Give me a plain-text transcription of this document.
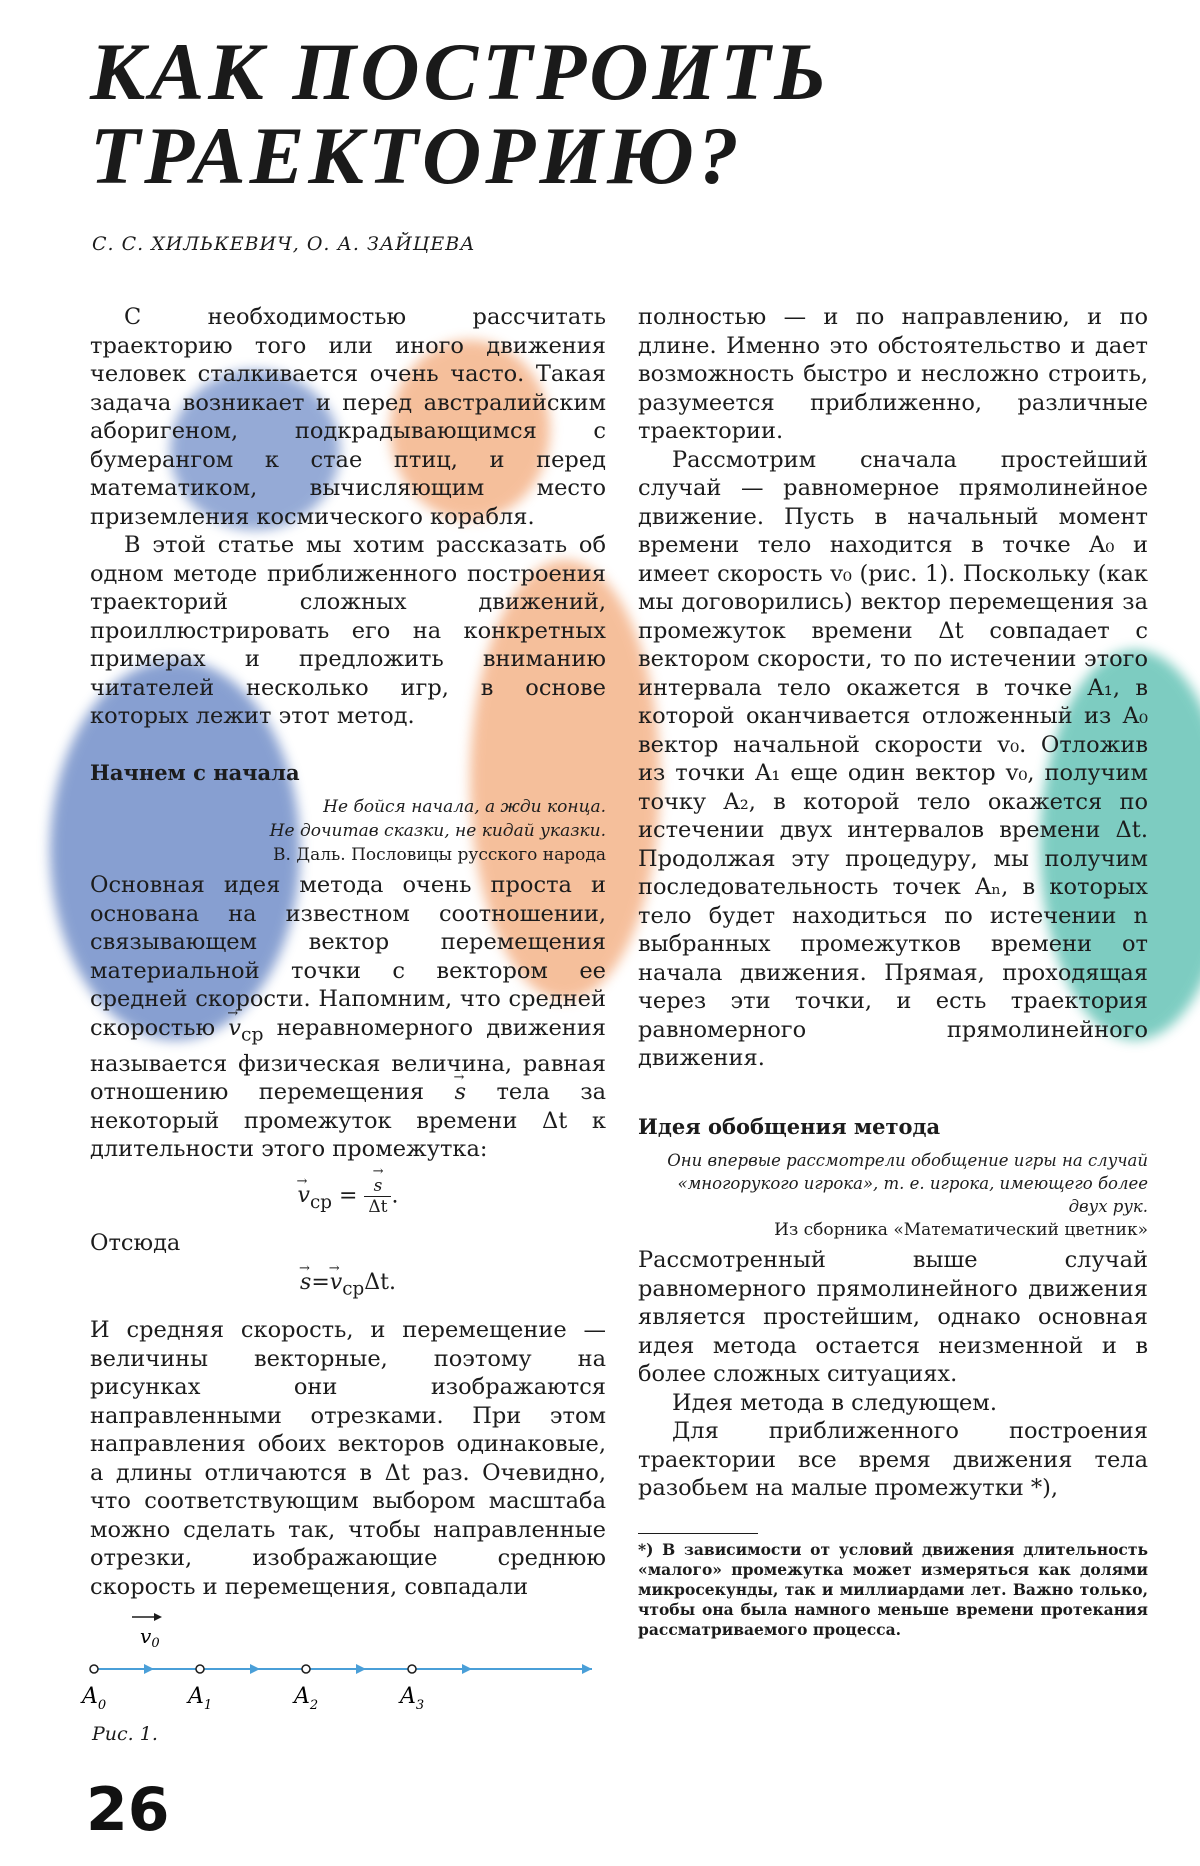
КАК ПОСТРОИТЬ
ТРАЕКТОРИЮ?
С. С. ХИЛЬКЕВИЧ, О. А. ЗАЙЦЕВА

С необходимостью рассчитать траекторию того или иного движения человек сталкивается очень часто. Такая задача возникает и перед австралийским аборигеном, подкрадывающимся с бумерангом к стае птиц, и перед математиком, вычисляющим место приземления космического корабля.

В этой статье мы хотим рассказать об одном методе приближенного построения траекторий сложных движений, проиллюстрировать его на конкретных примерах и предложить вниманию читателей несколько игр, в основе которых лежит этот метод.

Начнем с начала
Не бойся начала, а жди конца.
Не дочитав сказки, не кидай указки.
В. Даль. Пословицы русского народа

Основная идея метода очень проста и основана на известном соотношении, связывающем вектор перемещения материальной точки с вектором ее средней скорости. Напомним, что средней скоростью → $v_{ср}$ неравномерного движения называется физическая величина, равная отношению перемещения → s тела за некоторый промежуток времени Δt к длительности этого промежутка:

→ $v_{ср}$ = → $\frac{s}{\Delta t}$ .

Отсюда

→ $s=\to v_{ср}\Delta t$.

И средняя скорость, и перемещение — величины векторные, поэтому на рисунках они изображаются направленными отрезками. При этом направления обоих векторов одинаковые, а длины отличаются в Δt раз. Очевидно, что соответствующим выбором масштаба можно сделать так, чтобы направленные отрезки, изображающие среднюю скорость и перемещения, совпадали

$A_0$	$A_1$	$A_2$	$A_3$
$v_0$
Рис. 1.

полностью — и по направлению, и по длине. Именно это обстоятельство и дает возможность быстро и несложно строить, разумеется приближенно, различные траектории.

Рассмотрим сначала простейший случай — равномерное прямолинейное движение. Пусть в начальный момент времени тело находится в точке A₀ и имеет скорость v₀ (рис. 1). Поскольку (как мы договорились) вектор перемещения за промежуток времени Δt совпадает с вектором скорости, то по истечении этого интервала тело окажется в точке A₁, в которой оканчивается отложенный из A₀ вектор начальной скорости v₀. Отложив из точки A₁ еще один вектор v₀, получим точку A₂, в которой тело окажется по истечении двух интервалов времени Δt. Продолжая эту процедуру, мы получим последовательность точек Aₙ, в которых тело будет находиться по истечении n выбранных промежутков времени от начала движения. Прямая, проходящая через эти точки, и есть траектория равномерного прямолинейного движения.

Идея обобщения метода
Они впервые рассмотрели обобщение игры на случай «многорукого игрока», т. е. игрока, имеющего более двух рук.
Из сборника «Математический цветник»

Рассмотренный выше случай равномерного прямолинейного движения является простейшим, однако основная идея метода остается неизменной и в более сложных ситуациях.

Идея метода в следующем.

Для приближенного построения траектории все время движения тела разобьем на малые промежутки *),

*) В зависимости от условий движения длительность «малого» промежутка может измеряться как долями микросекунды, так и миллиардами лет. Важно только, чтобы она была намного меньше времени протекания рассматриваемого процесса.
26
